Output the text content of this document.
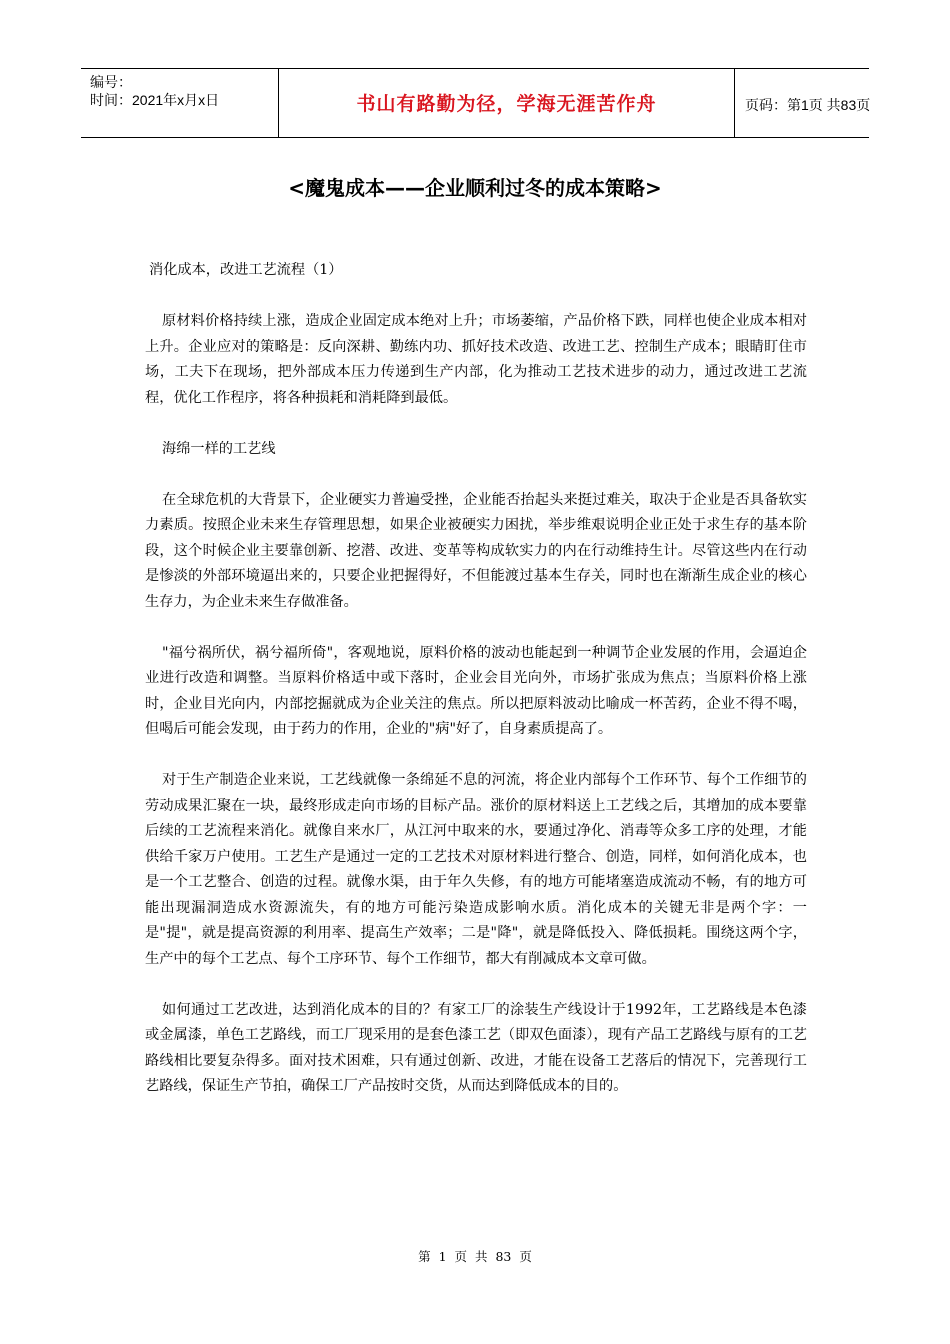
编号：
时间：2021年x月x日	书山有路勤为径，学海无涯苦作舟	页码：第1页 共83页
<魔鬼成本——企业顺利过冬的成本策略>

消化成本，改进工艺流程（1）

原材料价格持续上涨，造成企业固定成本绝对上升；市场萎缩，产品价格下跌，同样也使企业成本相对上升。企业应对的策略是：反向深耕、勤练内功、抓好技术改造、改进工艺、控制生产成本；眼睛盯住市场，工夫下在现场，把外部成本压力传递到生产内部，化为推动工艺技术进步的动力，通过改进工艺流程，优化工作程序，将各种损耗和消耗降到最低。

海绵一样的工艺线

在全球危机的大背景下，企业硬实力普遍受挫，企业能否抬起头来挺过难关，取决于企业是否具备软实力素质。按照企业未来生存管理思想，如果企业被硬实力困扰，举步维艰说明企业正处于求生存的基本阶段，这个时候企业主要靠创新、挖潜、改进、变革等构成软实力的内在行动维持生计。尽管这些内在行动是惨淡的外部环境逼出来的，只要企业把握得好，不但能渡过基本生存关，同时也在渐渐生成企业的核心生存力，为企业未来生存做准备。

"福兮祸所伏，祸兮福所倚"，客观地说，原料价格的波动也能起到一种调节企业发展的作用，会逼迫企业进行改造和调整。当原料价格适中或下落时，企业会目光向外，市场扩张成为焦点；当原料价格上涨时，企业目光向内，内部挖掘就成为企业关注的焦点。所以把原料波动比喻成一杯苦药，企业不得不喝，但喝后可能会发现，由于药力的作用，企业的"病"好了，自身素质提高了。

对于生产制造企业来说，工艺线就像一条绵延不息的河流，将企业内部每个工作环节、每个工作细节的劳动成果汇聚在一块，最终形成走向市场的目标产品。涨价的原材料送上工艺线之后，其增加的成本要靠后续的工艺流程来消化。就像自来水厂，从江河中取来的水，要通过净化、消毒等众多工序的处理，才能供给千家万户使用。工艺生产是通过一定的工艺技术对原材料进行整合、创造，同样，如何消化成本，也是一个工艺整合、创造的过程。就像水渠，由于年久失修，有的地方可能堵塞造成流动不畅，有的地方可能出现漏洞造成水资源流失，有的地方可能污染造成影响水质。消化成本的关键无非是两个字：一是"提"，就是提高资源的利用率、提高生产效率；二是"降"，就是降低投入、降低损耗。围绕这两个字，生产中的每个工艺点、每个工序环节、每个工作细节，都大有削减成本文章可做。

如何通过工艺改进，达到消化成本的目的？有家工厂的涂装生产线设计于1992年，工艺路线是本色漆或金属漆，单色工艺路线，而工厂现采用的是套色漆工艺（即双色面漆），现有产品工艺路线与原有的工艺路线相比要复杂得多。面对技术困难，只有通过创新、改进，才能在设备工艺落后的情况下，完善现行工艺路线，保证生产节拍，确保工厂产品按时交货，从而达到降低成本的目的。

第 1 页 共 83 页
